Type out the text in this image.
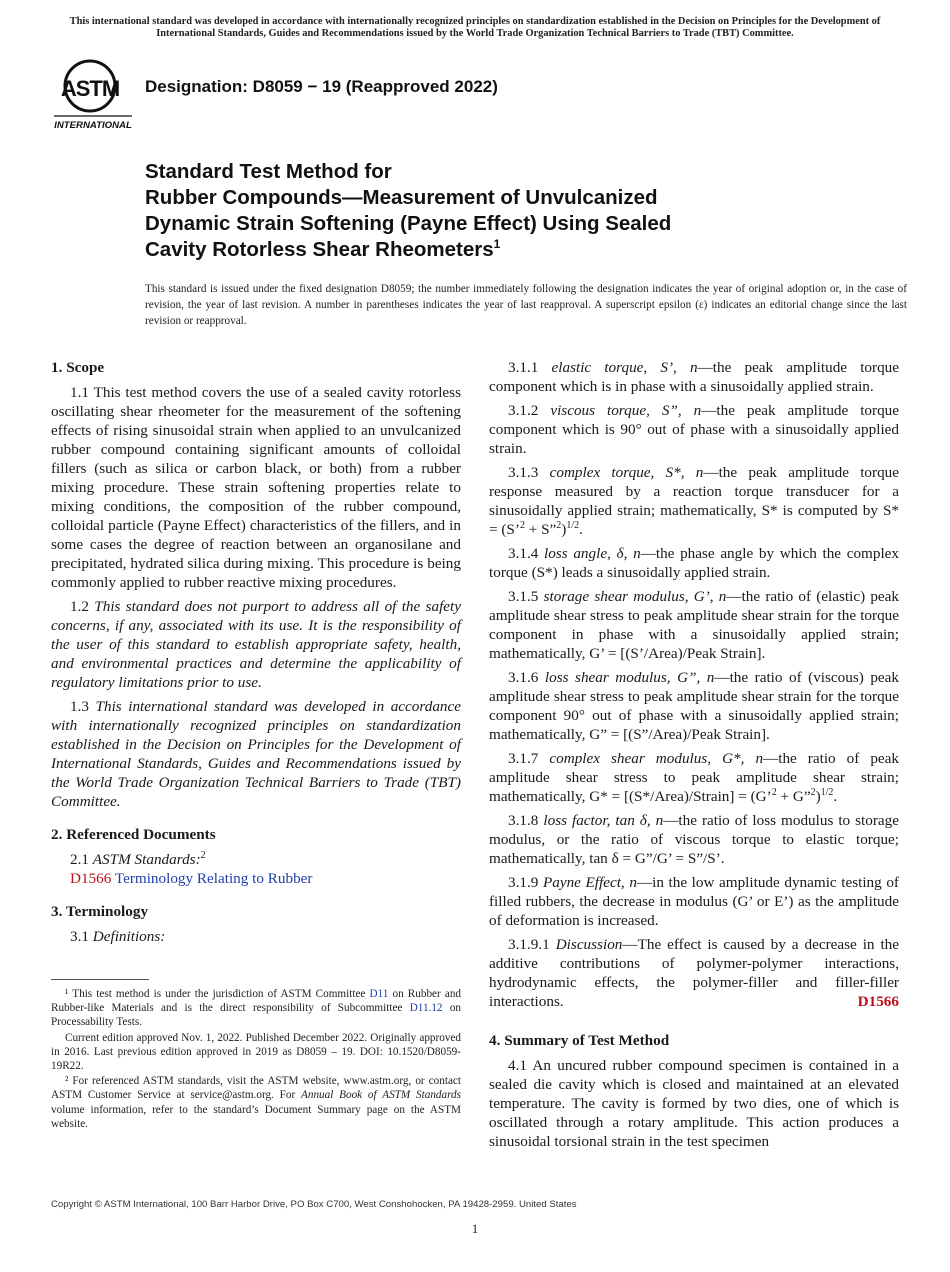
This international standard was developed in accordance with internationally recognized principles on standardization established in the Decision on Principles for the Development of International Standards, Guides and Recommendations issued by the World Trade Organization Technical Barriers to Trade (TBT) Committee.
ASTM
INTERNATIONAL
Designation: D8059 − 19 (Reapproved 2022)
Standard Test Method for
Rubber Compounds—Measurement of Unvulcanized
Dynamic Strain Softening (Payne Effect) Using Sealed
Cavity Rotorless Shear Rheometers$^1$
This standard is issued under the fixed designation D8059; the number immediately following the designation indicates the year of original adoption or, in the case of revision, the year of last revision. A number in parentheses indicates the year of last reapproval. A superscript epsilon (ε) indicates an editorial change since the last revision or reapproval.
1. Scope

1.1 This test method covers the use of a sealed cavity rotorless oscillating shear rheometer for the measurement of the softening effects of rising sinusoidal strain when applied to an unvulcanized rubber compound containing significant amounts of colloidal fillers (such as silica or carbon black, or both) from a rubber mixing procedure. These strain softening properties relate to mixing conditions, the composition of the rubber compound, colloidal particle (Payne Effect) characteristics of the fillers, and in some cases the degree of reaction between an organosilane and precipitated, hydrated silica during mixing. This procedure is being commonly applied to rubber reactive mixing procedures.

1.2 This standard does not purport to address all of the safety concerns, if any, associated with its use. It is the responsibility of the user of this standard to establish appropriate safety, health, and environmental practices and determine the applicability of regulatory limitations prior to use.

1.3 This international standard was developed in accordance with internationally recognized principles on standardization established in the Decision on Principles for the Development of International Standards, Guides and Recommendations issued by the World Trade Organization Technical Barriers to Trade (TBT) Committee.

2. Referenced Documents

2.1 ASTM Standards:$^2$

D1566 Terminology Relating to Rubber

3. Terminology

3.1 Definitions:

¹ This test method is under the jurisdiction of ASTM Committee D11 on Rubber and Rubber-like Materials and is the direct responsibility of Subcommittee D11.12 on Processability Tests.

Current edition approved Nov. 1, 2022. Published December 2022. Originally approved in 2016. Last previous edition approved in 2019 as D8059 – 19. DOI: 10.1520/D8059-19R22.

² For referenced ASTM standards, visit the ASTM website, www.astm.org, or contact ASTM Customer Service at service@astm.org. For Annual Book of ASTM Standards volume information, refer to the standard’s Document Summary page on the ASTM website.

3.1.1 elastic torque, S’, n—the peak amplitude torque component which is in phase with a sinusoidally applied strain.

3.1.2 viscous torque, S”, n—the peak amplitude torque component which is 90° out of phase with a sinusoidally applied strain.

3.1.3 complex torque, S*, n—the peak amplitude torque response measured by a reaction torque transducer for a sinusoidally applied strain; mathematically, S* is computed by S* = (S’$^2$ + S”$^2$)$^{1/2}$.

3.1.4 loss angle, δ, n—the phase angle by which the complex torque (S*) leads a sinusoidally applied strain.

3.1.5 storage shear modulus, G’, n—the ratio of (elastic) peak amplitude shear stress to peak amplitude shear strain for the torque component in phase with a sinusoidally applied strain; mathematically, G’ = [(S’/Area)/Peak Strain].

3.1.6 loss shear modulus, G”, n—the ratio of (viscous) peak amplitude shear stress to peak amplitude shear strain for the torque component 90° out of phase with a sinusoidally applied strain; mathematically, G” = [(S”/Area)/Peak Strain].

3.1.7 complex shear modulus, G*, n—the ratio of peak amplitude shear stress to peak amplitude shear strain; mathematically, G* = [(S*/Area)/Strain] = (G’$^2$ + G”$^2$)$^{1/2}$.

3.1.8 loss factor, tan δ, n—the ratio of loss modulus to storage modulus, or the ratio of viscous torque to elastic torque; mathematically, tan δ = G”/G’ = S”/S’.

3.1.9 Payne Effect, n—in the low amplitude dynamic testing of filled rubbers, the decrease in modulus (G’ or E’) as the amplitude of deformation is increased.

3.1.9.1 Discussion—The effect is caused by a decrease in the additive contributions of polymer-polymer interactions, hydrodynamic effects, the polymer-filler and filler-filler interactions.	D1566

4. Summary of Test Method

4.1 An uncured rubber compound specimen is contained in a sealed die cavity which is closed and maintained at an elevated temperature. The cavity is formed by two dies, one of which is oscillated through a rotary amplitude. This action produces a sinusoidal torsional strain in the test specimen

Copyright © ASTM International, 100 Barr Harbor Drive, PO Box C700, West Conshohocken, PA 19428-2959. United States
1
